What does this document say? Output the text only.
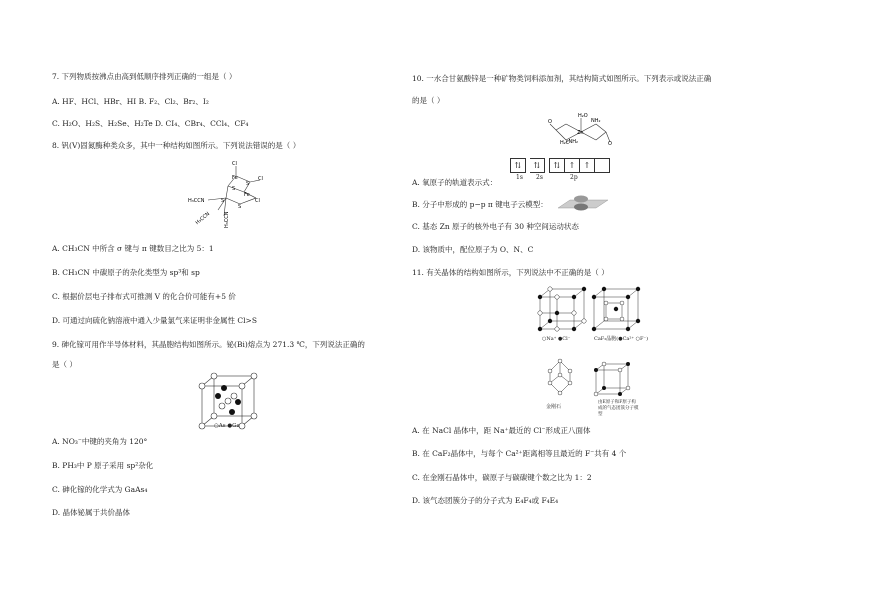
7. 下列物质按沸点由高到低顺序排列正确的一组是（ ）
A. HF、HCl、HBr、HI B. F₂、Cl₂、Br₂、I₂
C. H₂O、H₂S、H₂Se、H₂Te D. CI₄、CBr₄、CCl₄、CF₄
8. 钒(V)固氮酶种类众多，其中一种结构如图所示。下列说法错误的是（ ）
Cl
Fe
S
S
Fe
Cl
S
S
Cl
H₃CCN
H₃CCN	H₃CCN
A. CH₃CN 中所含 σ 键与 π 键数目之比为 5：1
B. CH₃CN 中碳原子的杂化类型为 sp³和 sp
C. 根据价层电子排布式可推测 V 的化合价可能有+5 价
D. 可通过向硫化钠溶液中通入少量氯气来证明非金属性 Cl>S
9. 砷化镓可用作半导体材料，其晶胞结构如图所示。铋(Bi)熔点为 271.3 ℃，下列说法正确的
是（ ）
○As ●Ga
A. NO₃⁻中键的夹角为 120°
B. PH₃中 P 原子采用 sp²杂化
C. 砷化镓的化学式为 GaAs₄
D. 晶体铋属于共价晶体
10. 一水合甘氨酸锌是一种矿物类饲料添加剂，其结构简式如图所示。下列表示或说法正确
的是（ ）
H₂O
Zn
NH₂
H₂C
–NH₂
O
O
⇅	⇅	⇅	↑	↑
1s 2s	2p
A. 氧原子的轨道表示式：
B. 分子中形成的 p−p π 键电子云模型：
C. 基态 Zn 原子的核外电子有 30 种空间运动状态
D. 该物质中，配位原子为 O、N、C
11. 有关晶体的结构如图所示，下列说法中不正确的是（ ）
○Na⁺ ●Cl⁻	CaF₂晶胞(●Ca²⁺ ○F⁻)
金刚石
由E原子和F原子构成的气态团簇分子模型
A. 在 NaCl 晶体中，距 Na⁺最近的 Cl⁻形成正八面体
B. 在 CaF₂晶体中，与每个 Ca²⁺距离相等且最近的 F⁻共有 4 个
C. 在金刚石晶体中，碳原子与碳碳键个数之比为 1：2
D. 该气态团簇分子的分子式为 E₄F₄或 F₄E₄
